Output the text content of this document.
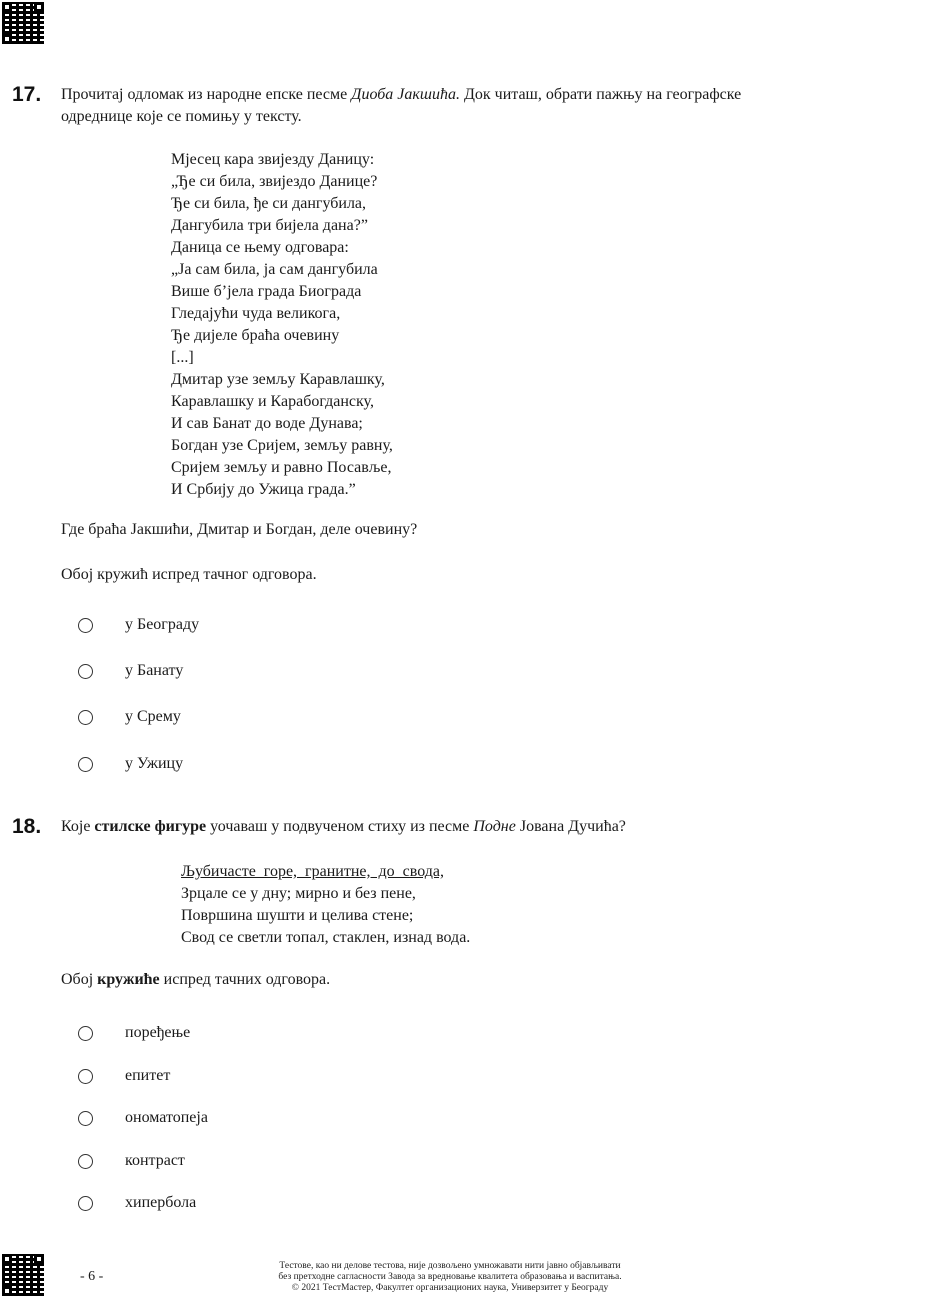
17. Прочитај одломак из народне епске песме Диоба Јакшића. Док читаш, обрати пажњу на географске
одреднице које се помињу у тексту.
Мјесец кара звијезду Даницу:
„Ђе си била, звијездо Данице?
Ђе си била, ђе си дангубила,
Дангубила три бијела дана?”
Даница се њему одговара:
„Ја сам била, ја сам дангубила
Више б’јела града Биограда
Гледајући чуда великога,
Ђе дијеле браћа очевину
[...]
Дмитар узе земљу Каравлашку,
Каравлашку и Карабогданску,
И сав Банат до воде Дунава;
Богдан узе Сријем, земљу равну,
Сријем земљу и равно Посавље,
И Србију до Ужица града.”
Где браћа Јакшићи, Дмитар и Богдан, деле очевину?
Обој кружић испред тачног одговора.
у Београду
у Банату
у Срему
у Ужицу
18. Које стилске фигуре уочаваш у подвученом стиху из песме Подне Јована Дучића?
Љубичасте горе, гранитне, до свода,
Зрцале се у дну; мирно и без пене,
Површина шушти и целива стене;
Свод се светли топал, стаклен, изнад вода.
Обој кружиће испред тачних одговора.
поређење
епитет
ономатопеја
контраст
хипербола
- 6 -
Тестове, као ни делове тестова, није дозвољено умножавати нити јавно објављивати
без претходне сагласности Завода за вредновање квалитета образовања и васпитања.
© 2021 ТестМастер, Факултет организационих наука, Универзитет у Београду
